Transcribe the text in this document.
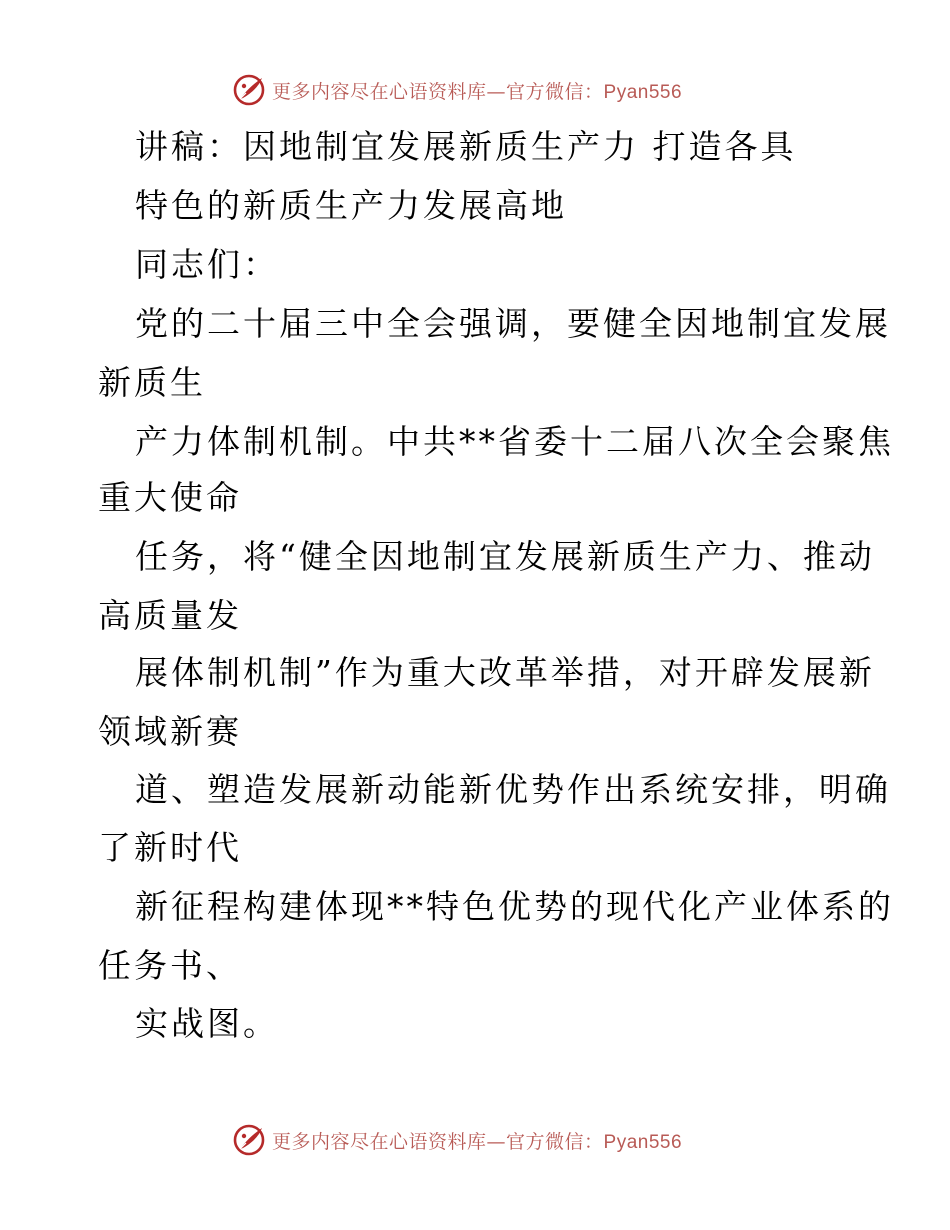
更多内容尽在心语资料库—官方微信：Pyan556
讲稿：因地制宜发展新质生产力 打造各具
特色的新质生产力发展高地
同志们：
党的二十届三中全会强调，要健全因地制宜发展
新质生
产力体制机制。中共**省委十二届八次全会聚焦
重大使命
任务，将“健全因地制宜发展新质生产力、推动
高质量发
展体制机制”作为重大改革举措，对开辟发展新
领域新赛
道、塑造发展新动能新优势作出系统安排，明确
了新时代
新征程构建体现**特色优势的现代化产业体系的
任务书、
实战图。
更多内容尽在心语资料库—官方微信：Pyan556
